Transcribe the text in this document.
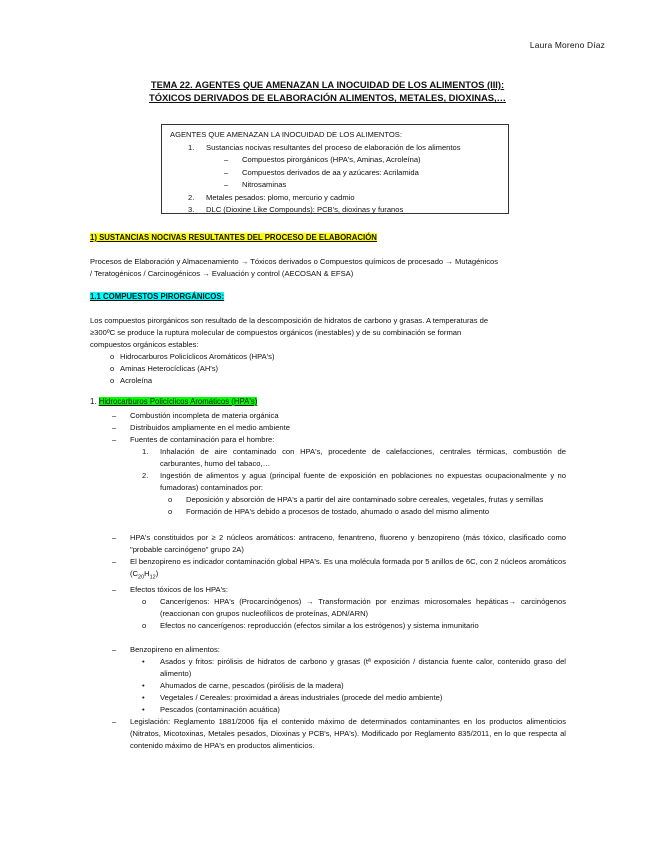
Laura Moreno Díaz
TEMA 22. AGENTES QUE AMENAZAN LA INOCUIDAD DE LOS ALIMENTOS (III):
TÓXICOS DERIVADOS DE ELABORACIÓN ALIMENTOS, METALES, DIOXINAS,…
AGENTES QUE AMENAZAN LA INOCUIDAD DE LOS ALIMENTOS:
1. Sustancias nocivas resultantes del proceso de elaboración de los alimentos
– Compuestos pirorgánicos (HPA's, Aminas, Acroleína)
– Compuestos derivados de aa y azúcares: Acrilamida
– Nitrosaminas
2. Metales pesados: plomo, mercurio y cadmio
3. DLC (Dioxine Like Compounds): PCB's, dioxinas y furanos
1) SUSTANCIAS NOCIVAS RESULTANTES DEL PROCESO DE ELABORACIÓN
Procesos de Elaboración y Almacenamiento → Tóxicos derivados o Compuestos químicos de procesado → Mutagénicos
/ Teratogénicos / Carcinogénicos → Evaluación y control (AECOSAN & EFSA)
1.1 COMPUESTOS PIRORGÁNICOS:
Los compuestos pirorgánicos son resultado de la descomposición de hidratos de carbono y grasas. A temperaturas de
≥300ºC se produce la ruptura molecular de compuestos orgánicos (inestables) y de su combinación se forman
compuestos orgánicos estables:
o Hidrocarburos Policíclicos Aromáticos (HPA's)
o Aminas Heterocíclicas (AH's)
o Acroleína
1. Hidrocarburos Policíclicos Aromáticos (HPA's)
– Combustión incompleta de materia orgánica
– Distribuidos ampliamente en el medio ambiente
– Fuentes de contaminación para el hombre:
1. Inhalación de aire contaminado con HPA's, procedente de calefacciones, centrales térmicas, combustión de carburantes, humo del tabaco,…
2. Ingestión de alimentos y agua (principal fuente de exposición en poblaciones no expuestas ocupacionalmente y no fumadoras) contaminados por:
o Deposición y absorción de HPA's a partir del aire contaminado sobre cereales, vegetales, frutas y semillas
o Formación de HPA's debido a procesos de tostado, ahumado o asado del mismo alimento
– HPA's constituidos por ≥ 2 núcleos aromáticos: antraceno, fenantreno, fluoreno y benzopireno (más tóxico, clasificado como "probable carcinógeno" grupo 2A)
– El benzopireno es indicador contaminación global HPA's. Es una molécula formada por 5 anillos de 6C, con 2 núcleos aromáticos $(C_{20}H_{12})$
– Efectos tóxicos de los HPA's:
o Cancerígenos: HPA's (Procarcinógenos) → Transformación por enzimas microsomales hepáticas→ carcinógenos (reaccionan con grupos nucleofílicos de proteínas, ADN/ARN)
o Efectos no cancerígenos: reproducción (efectos similar a los estrógenos) y sistema inmunitario
– Benzopireno en alimentos:
• Asados y fritos: pirólisis de hidratos de carbono y grasas (tª exposición / distancia fuente calor, contenido graso del alimento)
• Ahumados de carne, pescados (pirólisis de la madera)
• Vegetales / Cereales: proximidad a áreas industriales (procede del medio ambiente)
• Pescados (contaminación acuática)
– Legislación: Reglamento 1881/2006 fija el contenido máximo de determinados contaminantes en los productos alimenticios (Nitratos, Micotoxinas, Metales pesados, Dioxinas y PCB's, HPA's). Modificado por Reglamento 835/2011, en lo que respecta al contenido máximo de HPA's en productos alimenticios.
